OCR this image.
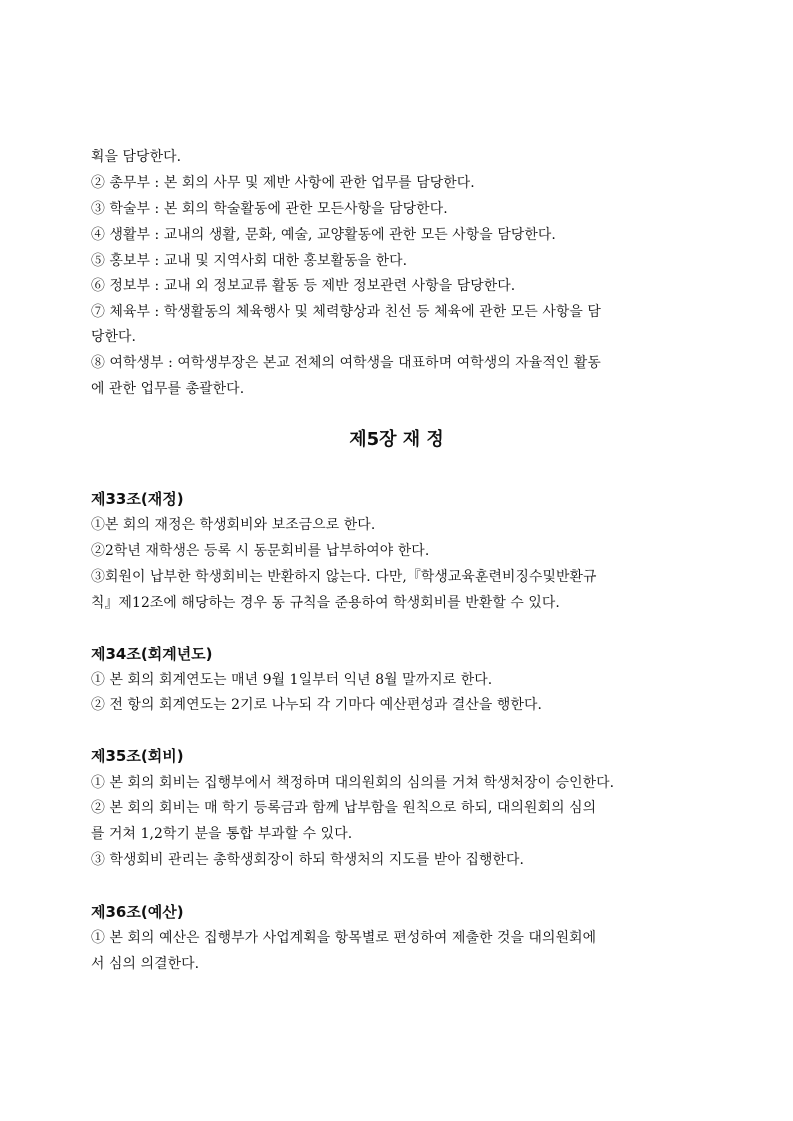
획을 담당한다.
② 총무부 : 본 회의 사무 및 제반 사항에 관한 업무를 담당한다.
③ 학술부 : 본 회의 학술활동에 관한 모든사항을 담당한다.
④ 생활부 : 교내의 생활, 문화, 예술, 교양활동에 관한 모든 사항을 담당한다.
⑤ 홍보부 : 교내 및 지역사회 대한 홍보활동을 한다.
⑥ 정보부 : 교내 외 정보교류 활동 등 제반 정보관련 사항을 담당한다.
⑦ 체육부 : 학생활동의 체육행사 및 체력향상과 친선 등 체육에 관한 모든 사항을 담
당한다.
⑧ 여학생부 : 여학생부장은 본교 전체의 여학생을 대표하며 여학생의 자율적인 활동
에 관한 업무를 총괄한다.
제5장 재 정
제33조(재정)
①본 회의 재정은 학생회비와 보조금으로 한다.
②2학년 재학생은 등록 시 동문회비를 납부하여야 한다.
③회원이 납부한 학생회비는 반환하지 않는다. 다만,『학생교육훈련비징수및반환규
칙』제12조에 해당하는 경우 동 규칙을 준용하여 학생회비를 반환할 수 있다.
제34조(회계년도)
① 본 회의 회계연도는 매년 9월 1일부터 익년 8월 말까지로 한다.
② 전 항의 회계연도는 2기로 나누되 각 기마다 예산편성과 결산을 행한다.
제35조(회비)
① 본 회의 회비는 집행부에서 책정하며 대의원회의 심의를 거쳐 학생처장이 승인한다.
② 본 회의 회비는 매 학기 등록금과 함께 납부함을 원칙으로 하되, 대의원회의 심의
를 거쳐 1,2학기 분을 통합 부과할 수 있다.
③ 학생회비 관리는 총학생회장이 하되 학생처의 지도를 받아 집행한다.
제36조(예산)
① 본 회의 예산은 집행부가 사업계획을 항목별로 편성하여 제출한 것을 대의원회에
서 심의 의결한다.
